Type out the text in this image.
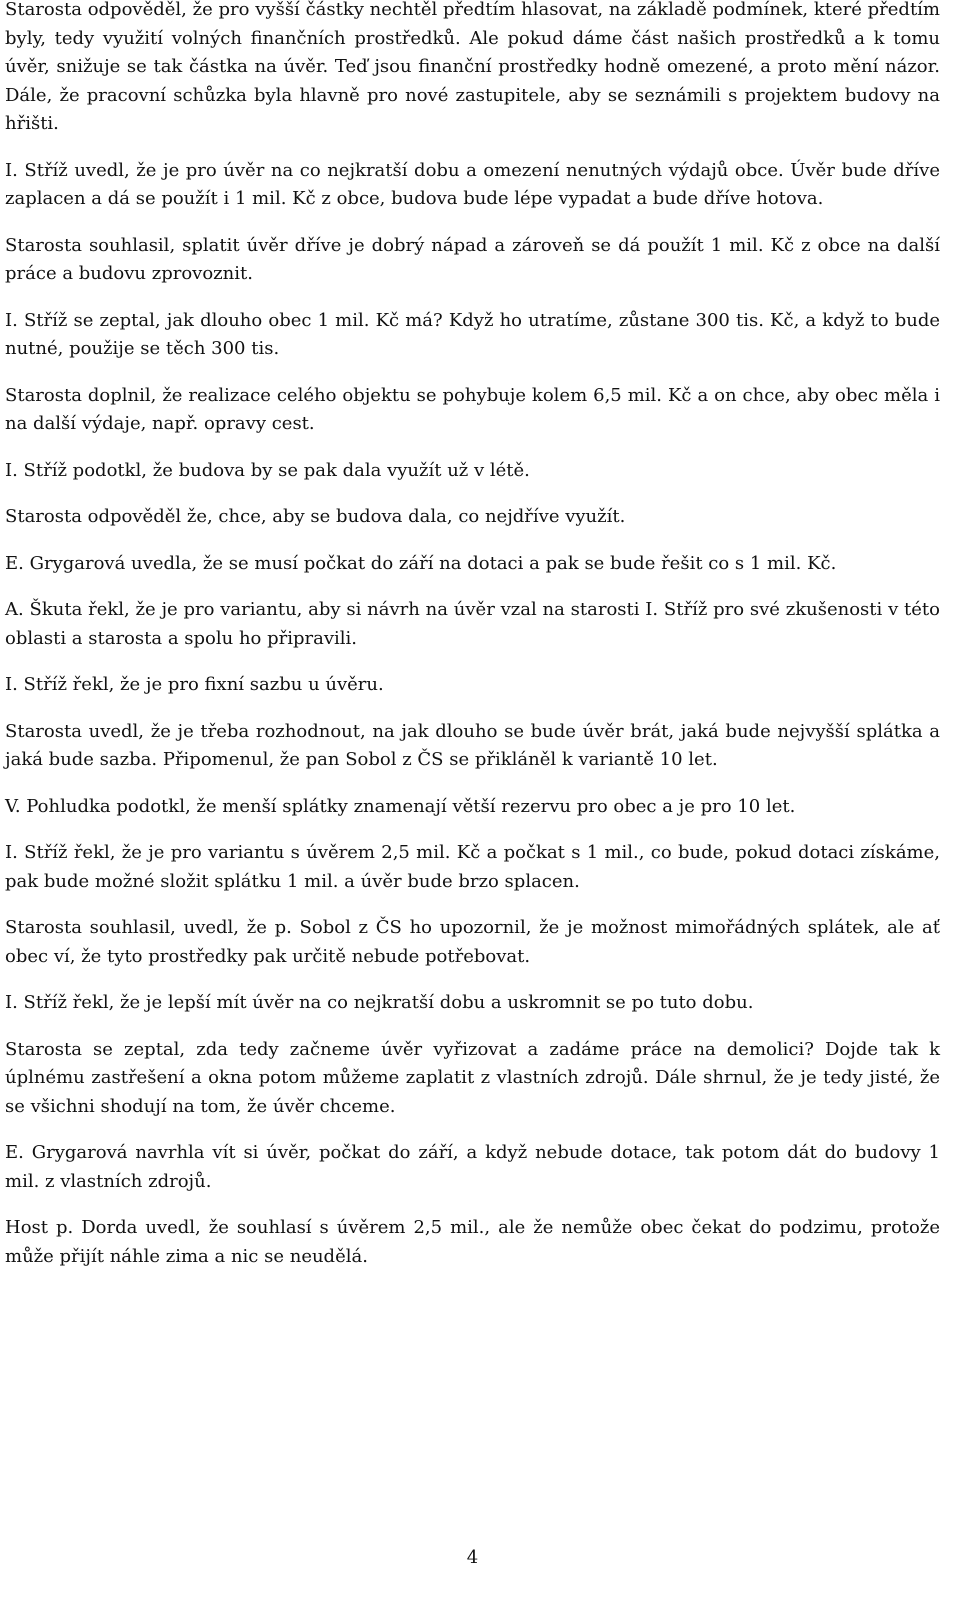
Starosta odpověděl, že pro vyšší částky nechtěl předtím hlasovat, na základě podmínek, které předtím byly, tedy využití volných finančních prostředků. Ale pokud dáme část našich prostředků a k tomu úvěr, snižuje se tak částka na úvěr. Teď jsou finanční prostředky hodně omezené, a proto mění názor. Dále, že pracovní schůzka byla hlavně pro nové zastupitele, aby se seznámili s projektem budovy na hřišti.

I. Stříž uvedl, že je pro úvěr na co nejkratší dobu a omezení nenutných výdajů obce. Úvěr bude dříve zaplacen a dá se použít i 1 mil. Kč z obce, budova bude lépe vypadat a bude dříve hotova.

Starosta souhlasil, splatit úvěr dříve je dobrý nápad a zároveň se dá použít 1 mil. Kč z obce na další práce a budovu zprovoznit.

I. Stříž se zeptal, jak dlouho obec 1 mil. Kč má? Když ho utratíme, zůstane 300 tis. Kč, a když to bude nutné, použije se těch 300 tis.

Starosta doplnil, že realizace celého objektu se pohybuje kolem 6,5 mil. Kč a on chce, aby obec měla i na další výdaje, např. opravy cest.

I. Stříž podotkl, že budova by se pak dala využít už v létě.

Starosta odpověděl že, chce, aby se budova dala, co nejdříve využít.

E. Grygarová uvedla, že se musí počkat do září na dotaci a pak se bude řešit co s 1 mil. Kč.

A. Škuta řekl, že je pro variantu, aby si návrh na úvěr vzal na starosti I. Stříž pro své zkušenosti v této oblasti a starosta a spolu ho připravili.

I. Stříž řekl, že je pro fixní sazbu u úvěru.

Starosta uvedl, že je třeba rozhodnout, na jak dlouho se bude úvěr brát, jaká bude nejvyšší splátka a jaká bude sazba. Připomenul, že pan Sobol z ČS se přikláněl k variantě 10 let.

V. Pohludka podotkl, že menší splátky znamenají větší rezervu pro obec a je pro 10 let.

I. Stříž řekl, že je pro variantu s úvěrem 2,5 mil. Kč a počkat s 1 mil., co bude, pokud dotaci získáme, pak bude možné složit splátku 1 mil. a úvěr bude brzo splacen.

Starosta souhlasil, uvedl, že p. Sobol z ČS ho upozornil, že je možnost mimořádných splátek, ale ať obec ví, že tyto prostředky pak určitě nebude potřebovat.

I. Stříž řekl, že je lepší mít úvěr na co nejkratší dobu a uskromnit se po tuto dobu.

Starosta se zeptal, zda tedy začneme úvěr vyřizovat a zadáme práce na demolici? Dojde tak k úplnému zastřešení a okna potom můžeme zaplatit z vlastních zdrojů. Dále shrnul, že je tedy jisté, že se všichni shodují na tom, že úvěr chceme.

E. Grygarová navrhla vít si úvěr, počkat do září, a když nebude dotace, tak potom dát do budovy 1 mil. z vlastních zdrojů.

Host p. Dorda uvedl, že souhlasí s úvěrem 2,5 mil., ale že nemůže obec čekat do podzimu, protože může přijít náhle zima a nic se neudělá.

4
